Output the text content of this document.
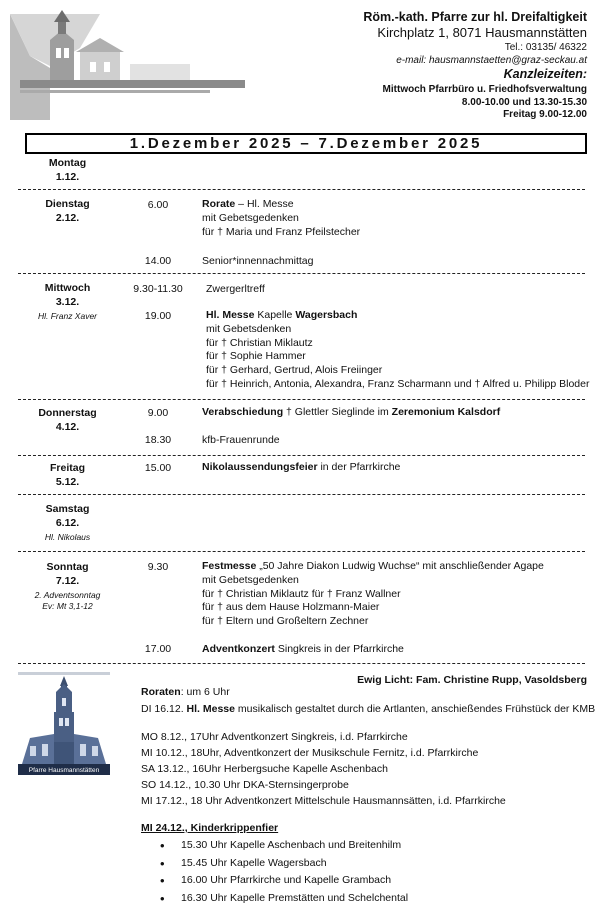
Röm.-kath. Pfarre zur hl. Dreifaltigkeit
Kirchplatz 1, 8071 Hausmannstätten
Tel.: 03135/ 46322
e-mail: hausmannstaetten@graz-seckau.at
Kanzleizeiten:
Mittwoch Pfarrbüro u. Friedhofsverwaltung
8.00-10.00 und 13.30-15.30
Freitag 9.00-12.00
1.Dezember 2025 – 7.Dezember 2025
Montag
1.12.
Dienstag
2.12.
6.00	Rorate – Hl. Messe
mit Gebetsgedenken
für † Maria und Franz Pfeilstecher
14.00	Senior*innennachmittag
Mittwoch
3.12.
Hl. Franz Xaver
9.30-11.30	Zwergerltreff
19.00	Hl. Messe Kapelle Wagersbach
mit Gebetsdenken
für † Christian Miklautz
für † Sophie Hammer
für † Gerhard, Gertrud, Alois Freiinger
für † Heinrich, Antonia, Alexandra, Franz Scharmann und † Alfred u. Philipp Bloder
Donnerstag
4.12.
9.00	Verabschiedung † Glettler Sieglinde im Zeremonium Kalsdorf
18.30	kfb-Frauenrunde
Freitag
5.12.
15.00	Nikolaussendungsfeier in der Pfarrkirche
Samstag
6.12.
Hl. Nikolaus
Sonntag
7.12.
2. Adventsonntag
Ev: Mt 3,1-12
9.30	Festmesse „50 Jahre Diakon Ludwig Wuchse“ mit anschließender Agape
mit Gebetsgedenken
für † Christian Miklautz für † Franz Wallner
für † aus dem Hause Holzmann-Maier
für † Eltern und Großeltern Zechner
17.00	Adventkonzert Singkreis in der Pfarrkirche
Ewig Licht: Fam. Christine Rupp, Vasoldsberg
Pfarre Hausmannstätten
Roraten: um 6 Uhr
DI 16.12. Hl. Messe musikalisch gestaltet durch die Artlanten, anschießendes Frühstück der KMB
MO 8.12., 17Uhr Adventkonzert Singkreis, i.d. Pfarrkirche
MI 10.12., 18Uhr, Adventkonzert der Musikschule Fernitz, i.d. Pfarrkirche
SA 13.12., 16Uhr Herbergsuche Kapelle Aschenbach
SO 14.12., 10.30 Uhr DKA-Sternsingerprobe
MI 17.12., 18 Uhr Adventkonzert Mittelschule Hausmannsätten, i.d. Pfarrkirche
MI 24.12., Kinderkrippenfier
• 15.30 Uhr Kapelle Aschenbach und Breitenhilm
• 15.45 Uhr Kapelle Wagersbach
• 16.00 Uhr Pfarrkirche und Kapelle Grambach
• 16.30 Uhr Kapelle Premstätten und Schelchental
